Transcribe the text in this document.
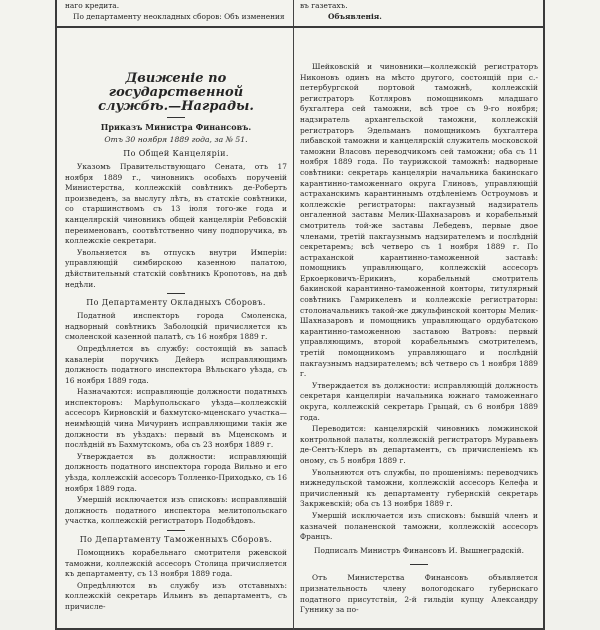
наго кредита.
По департаменту неокладных сборов: Объ изменения
въ газетахъ.
Объявленія.
Движеніе по государственной
службѣ.—Награды.
Приказъ Министра Финансовъ.
Отъ 30 ноября 1889 года, за № 51.
По Общей Канцеляріи.

Указомъ Правительствующаго Сената, отъ 17 ноября 1889 г., чиновникъ особыхъ порученій Министерства, коллежскій совѣтникъ де-Робертъ произведенъ, за выслугу лѣтъ, въ статскіе совѣтники, со старшинствомъ съ 13 іюля того-же года и канцелярскій чиновникъ общей канцеляріи Ребовскій переименованъ, соотвѣтственно чину подпоручика, въ коллежскіе секретари.

Увольняется въ отпускъ внутри Имперіи: управляющій симбирскою казенною палатою, дѣйствительный статскій совѣтникъ Кропотовъ, на двѣ недѣли.

По Департаменту Окладныхъ Сборовъ.

Податной инспекторъ города Смоленска, надворный совѣтникъ Заболоцкій причисляется къ смоленской казенной палатѣ, съ 16 ноября 1889 г.

Опредѣляется въ службу: состоящій въ запасѣ кавалеріи поручикъ Дейеръ исправляющимъ должность податного инспектора Вѣльскаго уѣзда, съ 16 ноября 1889 года.

Назначаются: исправляющіе должности податныхъ инспекторовъ: Марѣупольскаго уѣзда—коллежскій ассесоръ Кирновскій и бахмутско-мценскаго участка—неимѣющій чина Мичуринъ исправляющими такія же должности въ уѣздахъ: первый въ Мценскомъ и послѣдній въ Бахмутскомъ, оба съ 23 ноября 1889 г.

Утверждается въ должности: исправляющій должность податного инспектора города Вильно и его уѣзда, коллежскій ассесоръ Толленко-Приходько, съ 16 ноября 1889 года.

Умершій исключается изъ списковъ: исправлявшій должность податного инспектора мелитопольскаго участка, коллежскій регистраторъ Подобѣдовъ.

По Департаменту Таможенныхъ Сборовъ.

Помощникъ корабельнаго смотрителя ржевской таможни, коллежскій ассесоръ Столица причисляется къ департаменту, съ 13 ноября 1889 года.

Опредѣляются въ службу изъ отставныхъ: коллежскій секретарь Ильинъ въ департаментъ, съ причисле-

Шейковскій и чиновники—коллежскій регистраторъ Никоновъ одинъ на мѣсто другого, состоящій при с.-петербургской портовой таможнѣ, коллежскій регистраторъ Котляровъ помощникомъ младшаго бухгалтера сей таможни, всѣ трое съ 9-го ноября; надзиратель архангельской таможни, коллежскій регистраторъ Эдельманъ помощникомъ бухгалтера либавской таможни и канцелярскій служитель московской таможни Власовъ переводчикомъ сей таможни; оба съ 11 ноября 1889 года. По таурижской таможнѣ: надворные совѣтники: секретарь канцеляріи начальника бакинскаго карантинно-таможеннаго округа Глиновъ, управляющій астраханскимъ карантиннымъ отдѣленіемъ Остроумовъ и коллежскіе регистраторы: пакгаузный надзиратель онгаленной заставы Мелик-Шахназаровъ и корабельный смотритель той-же заставы Лебедевъ, первые двое членами, третій пакгаузнымъ надзирателемъ и послѣдній секретаремъ; всѣ четверо съ 1 ноября 1889 г. По астраханской карантинно-таможенной заставѣ: помощникъ управляющаго, коллежскій ассесоръ Еркоерковичъ-Ерикинъ, корабельный смотритель бакинской карантинно-таможенной конторы, титулярный совѣтникъ Гамрикелевъ и коллежскіе регистраторы: столоначальникъ такой-же джульфинской конторы Мелик-Шахназаровъ и помощникъ управляющаго ордубатскою карантинно-таможенною заставою Ватровъ: первый управляющимъ, второй корабельнымъ смотрителемъ, третій помощникомъ управляющаго и послѣдній пакгаузнымъ надзирателемъ; всѣ четверо съ 1 ноября 1889 г.

Утверждается въ должности: исправляющій должность секретаря канцеляріи начальника южнаго таможеннаго округа, коллежскій секретарь Грыцай, съ 6 ноября 1889 года.

Переводится: канцелярскій чиновникъ ломжинской контрольной палаты, коллежскій регистраторъ Муравьевъ де-Сентъ-Клеръ въ департаментъ, съ причисленіемъ къ оному, съ 5 ноября 1889 г.

Увольняются отъ службы, по прошеніямъ: переводчикъ нижнедульской таможни, коллежскій ассесоръ Келефа и причисленный къ департаменту губернскій секретарь Закржевскій; оба съ 13 ноября 1889 г.

Умершій исключается изъ списковъ: бывшій членъ и казначей поланенской таможни, коллежскій ассесоръ Францъ.

Подписалъ Министръ Финансовъ И. Вышнеградскій.

Отъ Министерства Финансовъ объявляется признательность члену вологодскаго губернскаго податного присутствія, 2-й гильдіи купцу Александру Гуннику за по-
